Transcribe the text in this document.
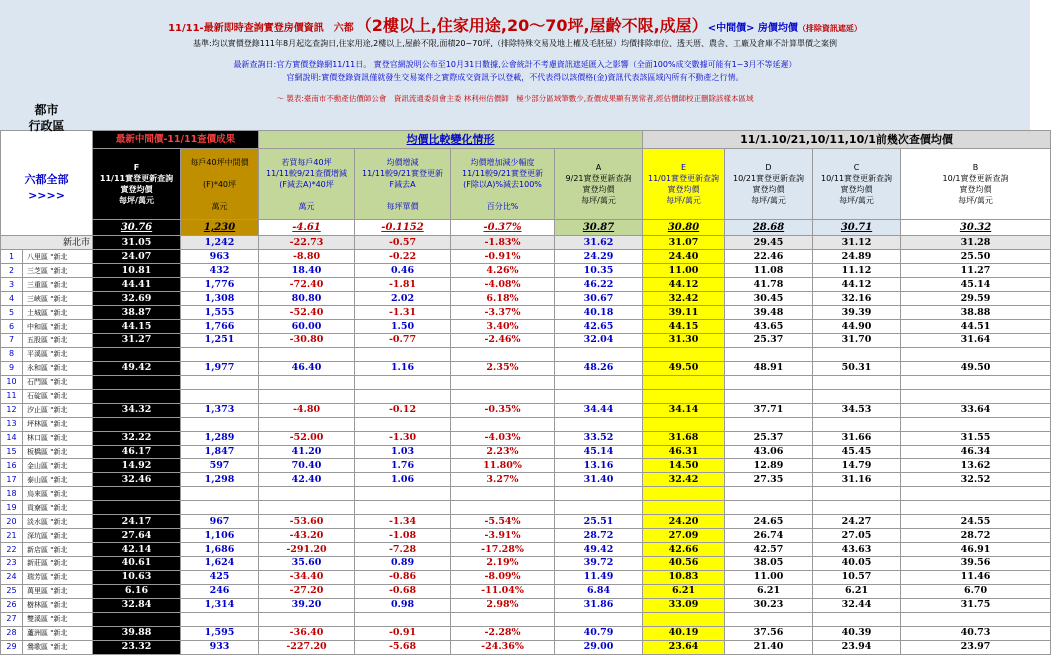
11/11-最新即時查詢實登房價資訊　六都　（2樓以上,住家用途,20～70坪,屋齡不限,成屋）<中間價> 房價均價（排除資訊遮延）
基準:均以實價登錄111年8月起迄查詢日,住家用途,2樓以上,屋齡不限,面積20~70坪,（排除特殊交易及地上權及毛胚屋）均價排除車位、透天厝、農舍、工廠及倉庫不計算單價之案例
最新查詢日:官方實價登錄網11/11日。 實登官網說明公布至10月31日數據,公會統計不考慮資訊遮延匯入之影響（全面100%成交數據可能有1~3月不等延遲）
官網說明:實價登錄資訊僅就發生交易案件之實際成交資訊予以登載，不代表得以該價格(金)資訊代表該區域內所有不動產之行情。
～ 製表:臺南市不動產估價師公會　資訊流通委員會主委 林利州估價師　極少部分區域筆數少,查價成果顯有異常者,經估價師校正刪除該樣本區域
都市
行政區
六都全部
>>>>		最新中間價-11/11查價成果		均價比較變化情形				11/1.10/21,10/11,10/1前幾次查價均價			
		F
11/11實登更新查詢
實登均價
每坪/萬元	每戶40坪中間價

(F)*40坪

萬元	若買每戶40坪
11/11較9/21查價增減
(F減去A)*40坪

萬元	均價增減
11/11較9/21實登更新
F減去A

每坪單價	均價增加減少幅度
11/11較9/21實登更新
(F除以A)%減去100%

百分比%	A
9/21實登更新查詢
實登均價
每坪/萬元	E
11/01實登更新查詢
實登均價
每坪/萬元	D
10/21實登更新查詢
實登均價
每坪/萬元	C
10/11實登更新查詢
實登均價
每坪/萬元	B
10/1實登更新查詢
實登均價
每坪/萬元
		30.76	1,230	-4.61	-0.1152	-0.37%	30.87	30.80	28.68	30.71	30.32
新北市		31.05	1,242	-22.73	-0.57	-1.83%	31.62	31.07	29.45	31.12	31.28
1	八里區 "新北	24.07	963	-8.80	-0.22	-0.91%	24.29	24.40	22.46	24.89	25.50
2	三芝區 "新北	10.81	432	18.40	0.46	4.26%	10.35	11.00	11.08	11.12	11.27
3	三重區 "新北	44.41	1,776	-72.40	-1.81	-4.08%	46.22	44.12	41.78	44.12	45.14
4	三峽區 "新北	32.69	1,308	80.80	2.02	6.18%	30.67	32.42	30.45	32.16	29.59
5	土城區 "新北	38.87	1,555	-52.40	-1.31	-3.37%	40.18	39.11	39.48	39.39	38.88
6	中和區 "新北	44.15	1,766	60.00	1.50	3.40%	42.65	44.15	43.65	44.90	44.51
7	五股區 "新北	31.27	1,251	-30.80	-0.77	-2.46%	32.04	31.30	25.37	31.70	31.64
8	平溪區 "新北										
9	永和區 "新北	49.42	1,977	46.40	1.16	2.35%	48.26	49.50	48.91	50.31	49.50
10	石門區 "新北										
11	石碇區 "新北										
12	汐止區 "新北	34.32	1,373	-4.80	-0.12	-0.35%	34.44	34.14	37.71	34.53	33.64
13	坪林區 "新北										
14	林口區 "新北	32.22	1,289	-52.00	-1.30	-4.03%	33.52	31.68	25.37	31.66	31.55
15	板橋區 "新北	46.17	1,847	41.20	1.03	2.23%	45.14	46.31	43.06	45.45	46.34
16	金山區 "新北	14.92	597	70.40	1.76	11.80%	13.16	14.50	12.89	14.79	13.62
17	泰山區 "新北	32.46	1,298	42.40	1.06	3.27%	31.40	32.42	27.35	31.16	32.52
18	烏來區 "新北										
19	貢寮區 "新北										
20	淡水區 "新北	24.17	967	-53.60	-1.34	-5.54%	25.51	24.20	24.65	24.27	24.55
21	深坑區 "新北	27.64	1,106	-43.20	-1.08	-3.91%	28.72	27.09	26.74	27.05	28.72
22	新店區 "新北	42.14	1,686	-291.20	-7.28	-17.28%	49.42	42.66	42.57	43.63	46.91
23	新莊區 "新北	40.61	1,624	35.60	0.89	2.19%	39.72	40.56	38.05	40.05	39.56
24	瑞芳區 "新北	10.63	425	-34.40	-0.86	-8.09%	11.49	10.83	11.00	10.57	11.46
25	萬里區 "新北	6.16	246	-27.20	-0.68	-11.04%	6.84	6.21	6.21	6.21	6.70
26	樹林區 "新北	32.84	1,314	39.20	0.98	2.98%	31.86	33.09	30.23	32.44	31.75
27	雙溪區 "新北										
28	蘆洲區 "新北	39.88	1,595	-36.40	-0.91	-2.28%	40.79	40.19	37.56	40.39	40.73
29	鶯歌區 "新北	23.32	933	-227.20	-5.68	-24.36%	29.00	23.64	21.40	23.94	23.97
